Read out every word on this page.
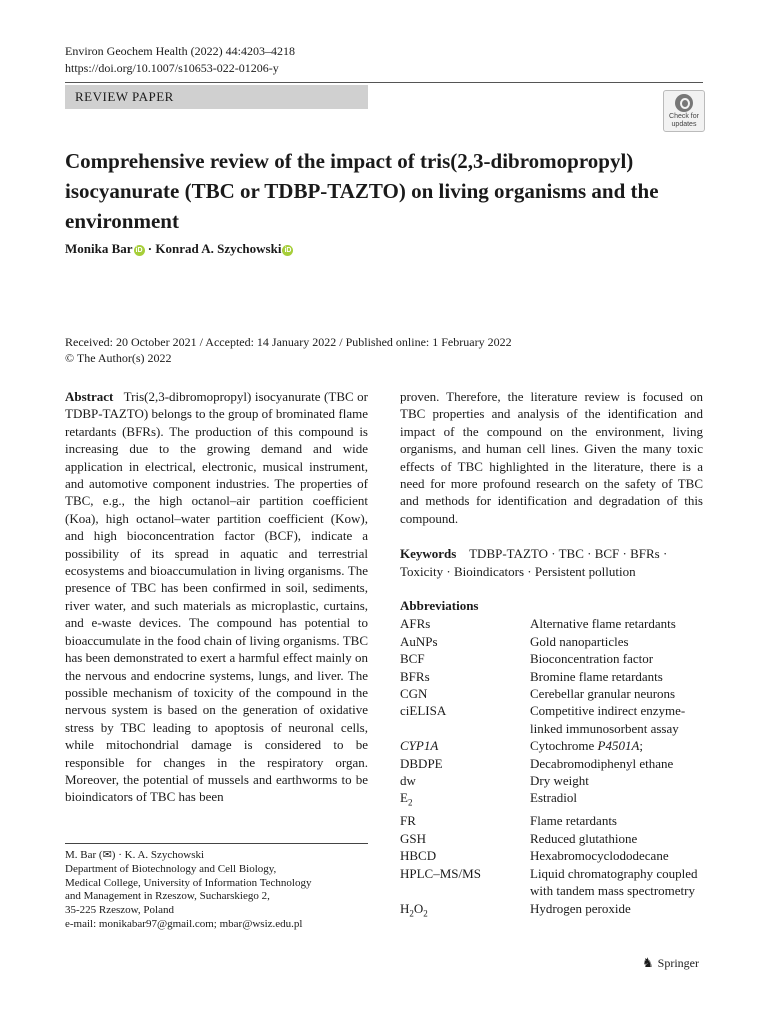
Environ Geochem Health (2022) 44:4203–4218
https://doi.org/10.1007/s10653-022-01206-y
REVIEW PAPER
Check for updates
Comprehensive review of the impact of tris(2,3-dibromopropyl) isocyanurate (TBC or TDBP-TAZTO) on living organisms and the environment
Monika Bar iD · Konrad A. Szychowski iD
Received: 20 October 2021 / Accepted: 14 January 2022 / Published online: 1 February 2022
© The Author(s) 2022
Abstract Tris(2,3-dibromopropyl) isocyanurate (TBC or TDBP-TAZTO) belongs to the group of brominated flame retardants (BFRs). The production of this compound is increasing due to the growing demand and wide application in electrical, electronic, musical instrument, and automotive component industries. The properties of TBC, e.g., the high octanol–air partition coefficient (Koa), high octanol–water partition coefficient (Kow), and high bioconcentration factor (BCF), indicate a possibility of its spread in aquatic and terrestrial ecosystems and bioaccumulation in living organisms. The presence of TBC has been confirmed in soil, sediments, river water, and such materials as microplastic, curtains, and e-waste devices. The compound has potential to bioaccumulate in the food chain of living organisms. TBC has been demonstrated to exert a harmful effect mainly on the nervous and endocrine systems, lungs, and liver. The possible mechanism of toxicity of the compound in the nervous system is based on the generation of oxidative stress by TBC leading to apoptosis of neuronal cells, while mitochondrial damage is considered to be responsible for changes in the respiratory organ. Moreover, the potential of mussels and earthworms to be bioindicators of TBC has been
proven. Therefore, the literature review is focused on TBC properties and analysis of the identification and impact of the compound on the environment, living organisms, and human cell lines. Given the many toxic effects of TBC highlighted in the literature, there is a need for more profound research on the safety of TBC and methods for identification and degradation of this compound.
Keywords TDBP-TAZTO · TBC · BCF · BFRs · Toxicity · Bioindicators · Persistent pollution
Abbreviations
AFRs	Alternative flame retardants
AuNPs	Gold nanoparticles
BCF	Bioconcentration factor
BFRs	Bromine flame retardants
CGN	Cerebellar granular neurons
ciELISA	Competitive indirect enzyme-linked immunosorbent assay
CYP1A	Cytochrome P4501A;
DBDPE	Decabromodiphenyl ethane
dw	Dry weight
$E_2$	Estradiol
FR	Flame retardants
GSH	Reduced glutathione
HBCD	Hexabromocyclododecane
HPLC–MS/MS	Liquid chromatography coupled with tandem mass spectrometry
$H_2O_2$	Hydrogen peroxide
M. Bar (✉) · K. A. Szychowski
Department of Biotechnology and Cell Biology,
Medical College, University of Information Technology
and Management in Rzeszow, Sucharskiego 2,
35-225 Rzeszow, Poland
e-mail: monikabar97@gmail.com; mbar@wsiz.edu.pl
♞ Springer
